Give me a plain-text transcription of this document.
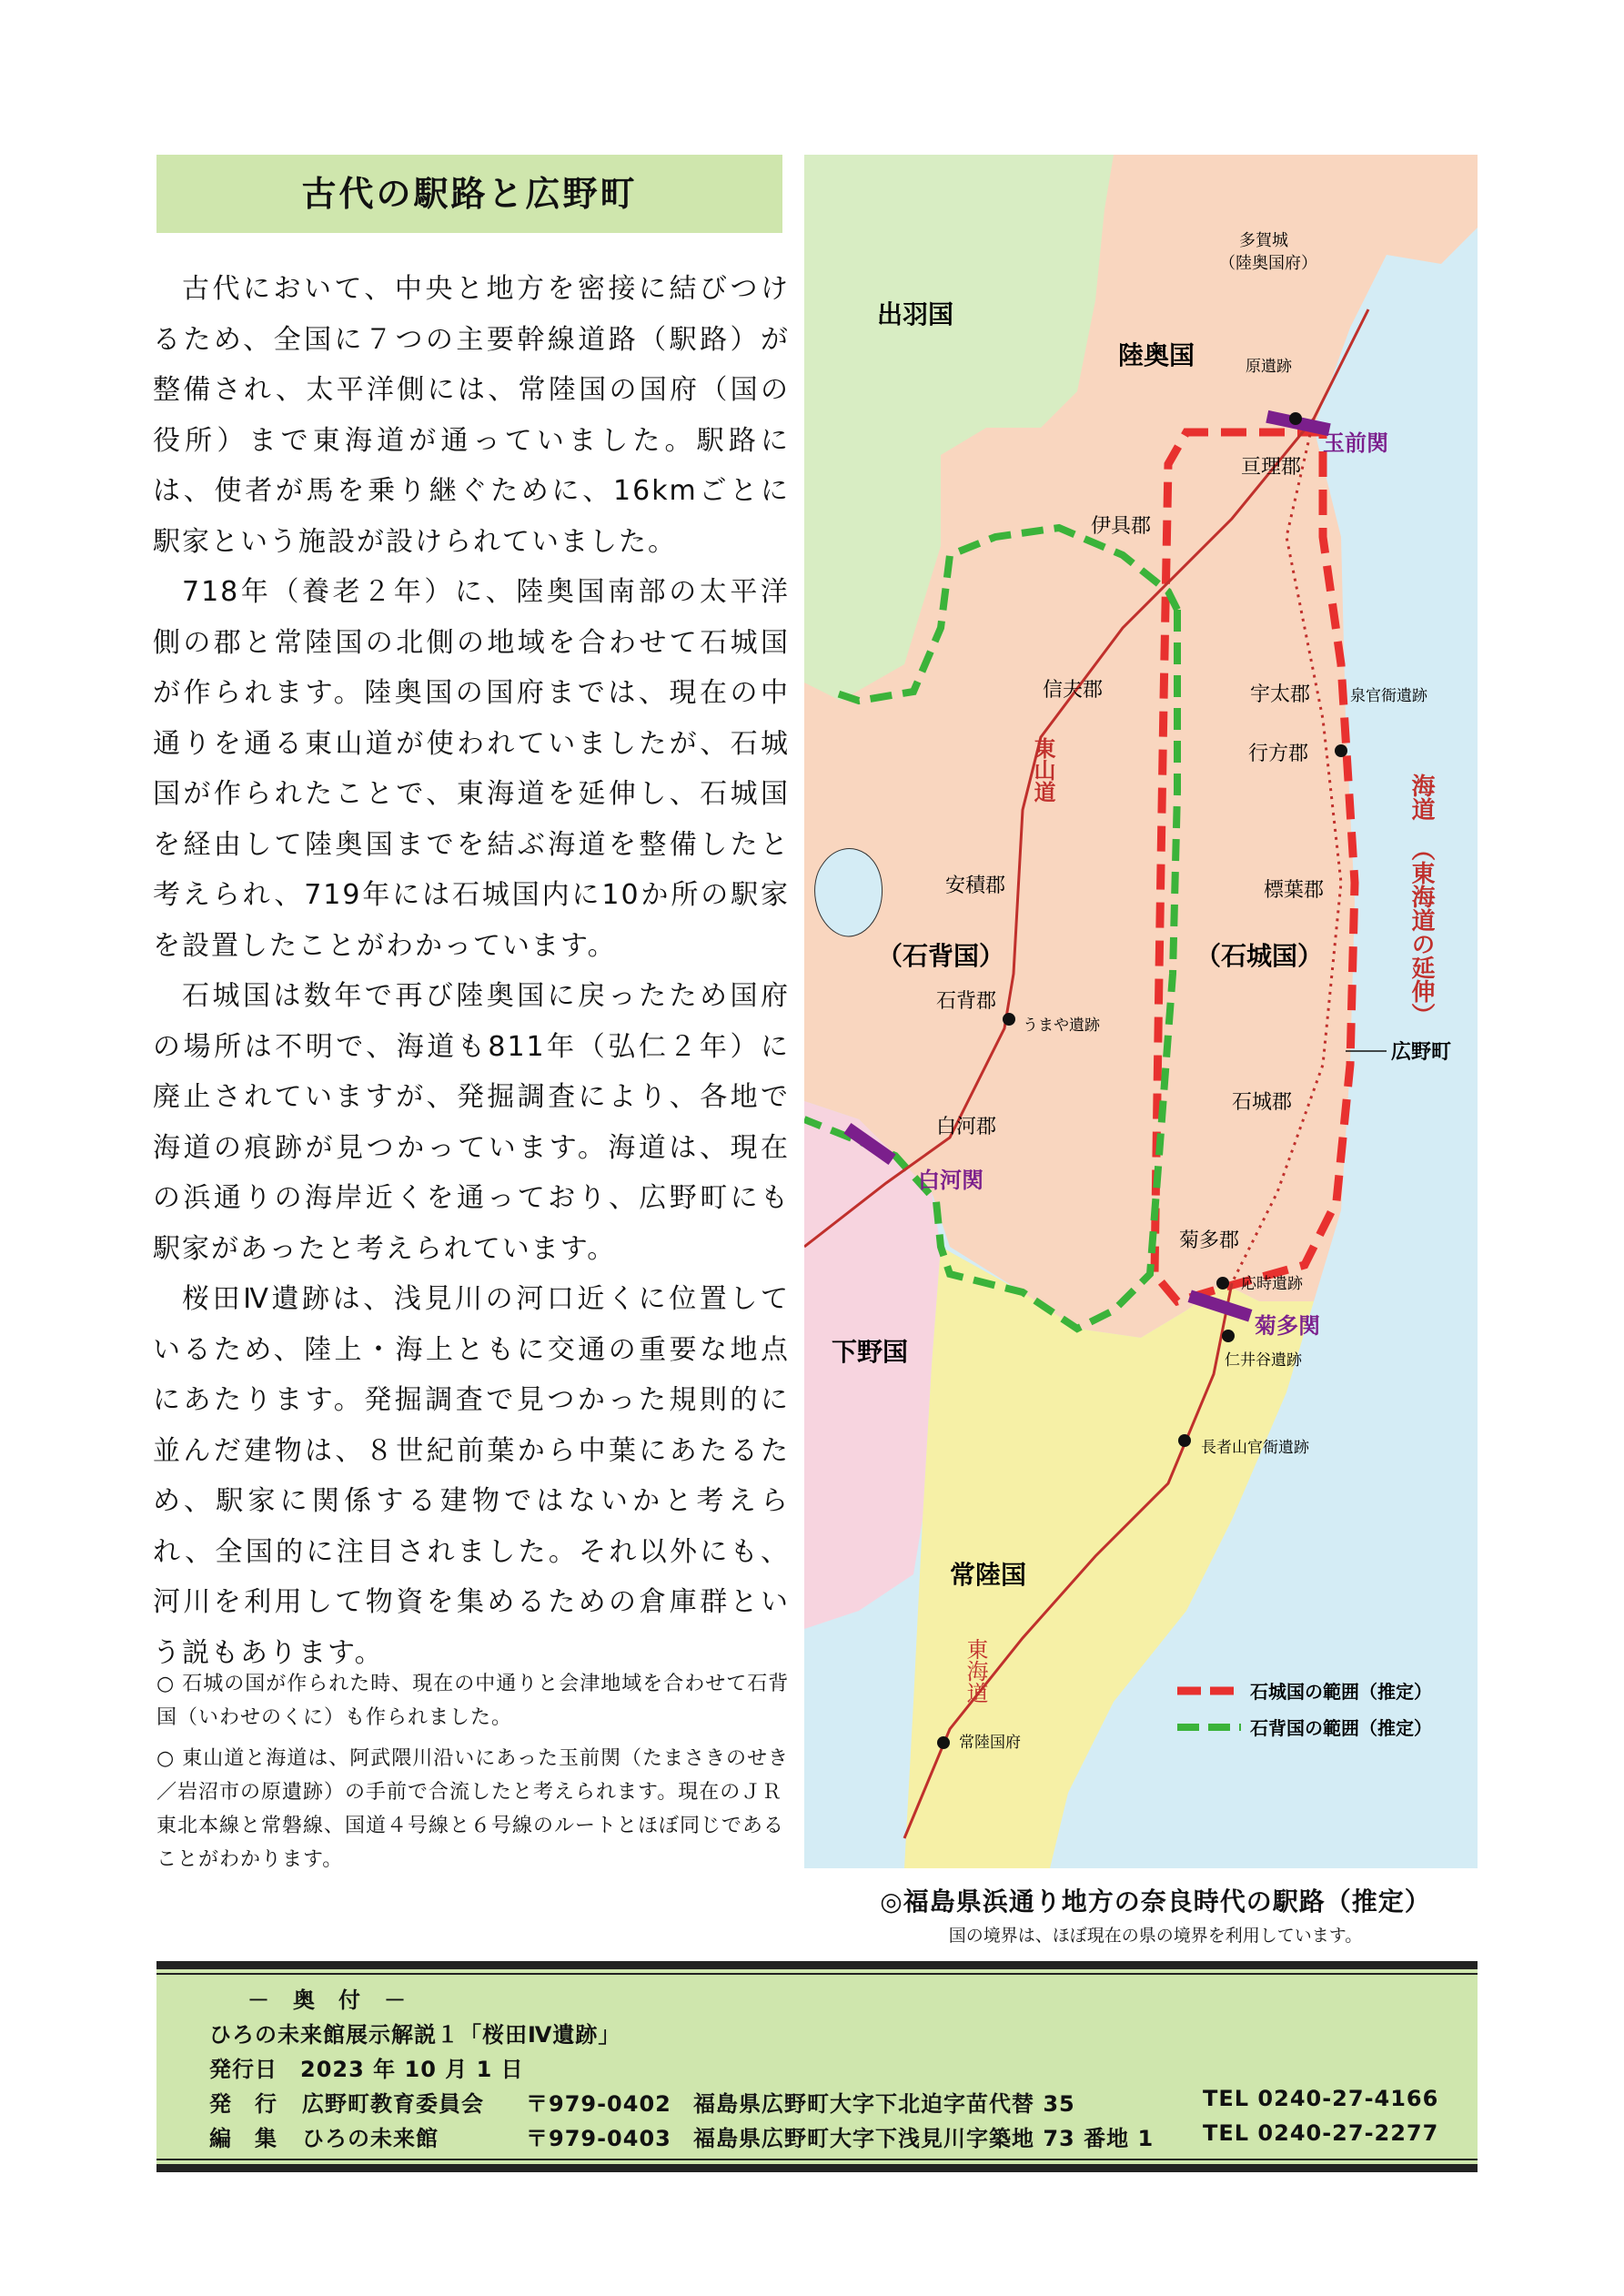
古代の駅路と広野町

古代において、中央と地方を密接に結びつけるため、全国に７つの主要幹線道路（駅路）が整備され、太平洋側には、常陸国の国府（国の役所）まで東海道が通っていました。駅路には、使者が馬を乗り継ぐために、16kmごとに駅家という施設が設けられていました。

718年（養老２年）に、陸奥国南部の太平洋側の郡と常陸国の北側の地域を合わせて石城国が作られます。陸奥国の国府までは、現在の中通りを通る東山道が使われていましたが、石城国が作られたことで、東海道を延伸し、石城国を経由して陸奥国までを結ぶ海道を整備したと考えられ、719年には石城国内に10か所の駅家を設置したことがわかっています。

石城国は数年で再び陸奥国に戻ったため国府の場所は不明で、海道も811年（弘仁２年）に廃止されていますが、発掘調査により、各地で海道の痕跡が見つかっています。海道は、現在の浜通りの海岸近くを通っており、広野町にも駅家があったと考えられています。

桜田Ⅳ遺跡は、浅見川の河口近くに位置しているため、陸上・海上ともに交通の重要な地点にあたります。発掘調査で見つかった規則的に並んだ建物は、８世紀前葉から中葉にあたるため、駅家に関係する建物ではないかと考えられ、全国的に注目されました。それ以外にも、河川を利用して物資を集めるための倉庫群という説もあります。

○ 石城の国が作られた時、現在の中通りと会津地域を合わせて石背国（いわせのくに）も作られました。

○ 東山道と海道は、阿武隈川沿いにあった玉前関（たまさきのせき／岩沼市の原遺跡）の手前で合流したと考えられます。現在のＪＲ東北本線と常磐線、国道４号線と６号線のルートとほぼ同じであることがわかります。

出羽国
陸奥国
（石背国）	（石城国）
下野国
常陸国
亘理郡
伊具郡
信夫郡	宇太郡
行方郡
安積郡	標葉郡
石背郡
石城郡
白河郡
菊多郡
多賀城
（陸奥国府）
原遺跡
泉官衙遺跡
うまや遺跡
応時遺跡
仁井谷遺跡
長者山官衙遺跡
常陸国府
玉前関
白河関
菊多関
東山道
東海道
海道
（東海道の延伸）
広野町
石城国の範囲（推定）
石背国の範囲（推定）
◎福島県浜通り地方の奈良時代の駅路（推定）
国の境界は、ほぼ現在の県の境界を利用しています。
－　奥　付　－
ひろの未来館展示解説１「桜田Ⅳ遺跡」
発行日　2023 年 10 月 1 日
発　行 広野町教育委員会 〒979-0402 福島県広野町大字下北迫字苗代替 35	TEL 0240-27-4166
編　集 ひろの未来館	〒979-0403 福島県広野町大字下浅見川字築地 73 番地 1 TEL 0240-27-2277
